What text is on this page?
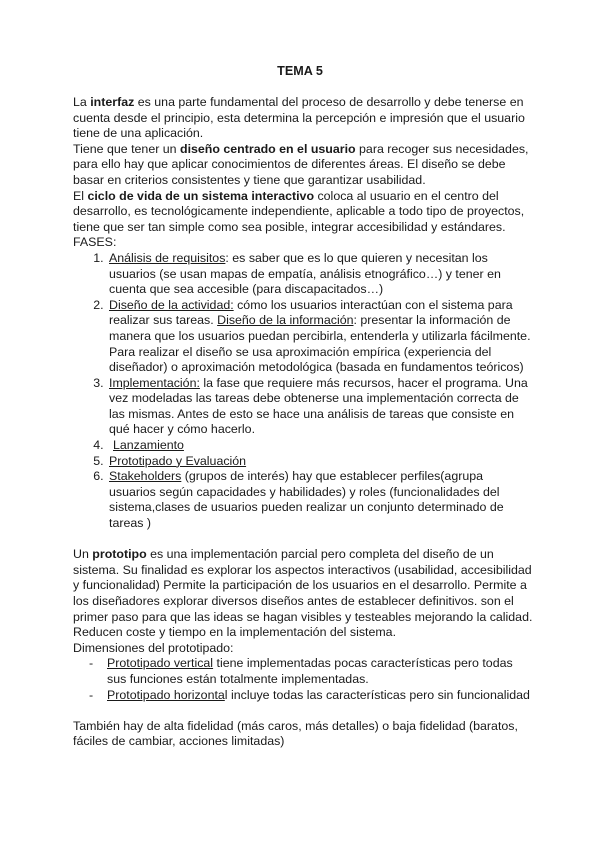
TEMA 5

La interfaz es una parte fundamental del proceso de desarrollo y debe tenerse en cuenta desde el principio, esta determina la percepción e impresión que el usuario tiene de una aplicación.

Tiene que tener un diseño centrado en el usuario para recoger sus necesidades, para ello hay que aplicar conocimientos de diferentes áreas. El diseño se debe basar en criterios consistentes y tiene que garantizar usabilidad.

El ciclo de vida de un sistema interactivo coloca al usuario en el centro del desarrollo, es tecnológicamente independiente, aplicable a todo tipo de proyectos, tiene que ser tan simple como sea posible, integrar accesibilidad y estándares.

FASES:

1. Análisis de requisitos: es saber que es lo que quieren y necesitan los usuarios (se usan mapas de empatía, análisis etnográfico…) y tener en cuenta que sea accesible (para discapacitados…)
2. Diseño de la actividad: cómo los usuarios interactúan con el sistema para realizar sus tareas. Diseño de la información: presentar la información de manera que los usuarios puedan percibirla, entenderla y utilizarla fácilmente. Para realizar el diseño se usa aproximación empírica (experiencia del diseñador) o aproximación metodológica (basada en fundamentos teóricos)
3. Implementación: la fase que requiere más recursos, hacer el programa. Una vez modeladas las tareas debe obtenerse una implementación correcta de las mismas. Antes de esto se hace una análisis de tareas que consiste en qué hacer y cómo hacerlo.
4. Lanzamiento
5. Prototipado y Evaluación
6. Stakeholders (grupos de interés) hay que establecer perfiles(agrupa usuarios según capacidades y habilidades) y roles (funcionalidades del sistema,clases de usuarios pueden realizar un conjunto determinado de tareas )

Un prototipo es una implementación parcial pero completa del diseño de un sistema. Su finalidad es explorar los aspectos interactivos (usabilidad, accesibilidad y funcionalidad) Permite la participación de los usuarios en el desarrollo. Permite a los diseñadores explorar diversos diseños antes de establecer definitivos. son el primer paso para que las ideas se hagan visibles y testeables mejorando la calidad. Reducen coste y tiempo en la implementación del sistema.

Dimensiones del prototipado:

- Prototipado vertical tiene implementadas pocas características pero todas sus funciones están totalmente implementadas.
- Prototipado horizontal incluye todas las características pero sin funcionalidad

También hay de alta fidelidad (más caros, más detalles) o baja fidelidad (baratos, fáciles de cambiar, acciones limitadas)
